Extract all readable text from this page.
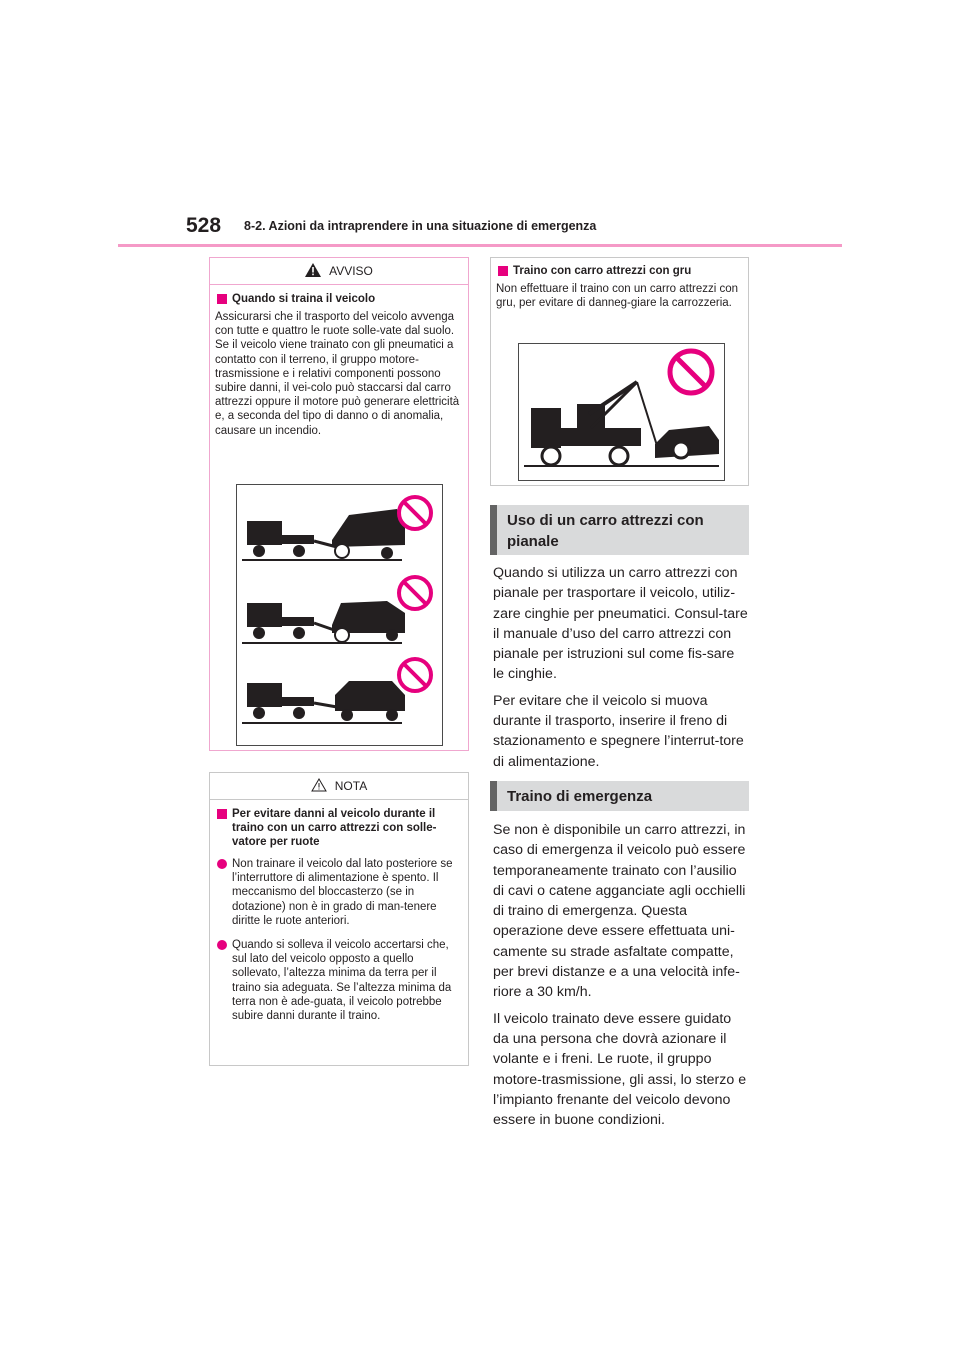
528 8-2. Azioni da intraprendere in una situazione di emergenza
AVVISO
Quando si traina il veicolo
Assicurarsi che il trasporto del veicolo avvenga con tutte e quattro le ruote solle-vate dal suolo. Se il veicolo viene trainato con gli pneumatici a contatto con il terreno, il gruppo motore-trasmissione e i relativi componenti possono subire danni, il vei-colo può staccarsi dal carro attrezzi oppure il motore può generare elettricità e, a seconda del tipo di danno o di anomalia, causare un incendio.
NOTA
Per evitare danni al veicolo durante il traino con un carro attrezzi con solle-vatore per ruote
Non trainare il veicolo dal lato posteriore se l’interruttore di alimentazione è spento. Il meccanismo del bloccasterzo (se in dotazione) non è in grado di man-tenere diritte le ruote anteriori.
Quando si solleva il veicolo accertarsi che, sul lato del veicolo opposto a quello sollevato, l’altezza minima da terra per il traino sia adeguata. Se l’altezza minima da terra non è ade-guata, il veicolo potrebbe subire danni durante il traino.
Traino con carro attrezzi con gru
Non effettuare il traino con un carro attrezzi con gru, per evitare di danneg-giare la carrozzeria.
Uso di un carro attrezzi con pianale

Quando si utilizza un carro attrezzi con pianale per trasportare il veicolo, utiliz-zare cinghie per pneumatici. Consul-tare il manuale d’uso del carro attrezzi con pianale per istruzioni sul come fis-sare le cinghie.

Per evitare che il veicolo si muova durante il trasporto, inserire il freno di stazionamento e spegnere l’interrut-tore di alimentazione.

Traino di emergenza

Se non è disponibile un carro attrezzi, in caso di emergenza il veicolo può essere temporaneamente trainato con l’ausilio di cavi o catene agganciate agli occhielli di traino di emergenza. Questa operazione deve essere effettuata uni-camente su strade asfaltate compatte, per brevi distanze e a una velocità infe-riore a 30 km/h.

Il veicolo trainato deve essere guidato da una persona che dovrà azionare il volante e i freni. Le ruote, il gruppo motore-trasmissione, gli assi, lo sterzo e l’impianto frenante del veicolo devono essere in buone condizioni.
